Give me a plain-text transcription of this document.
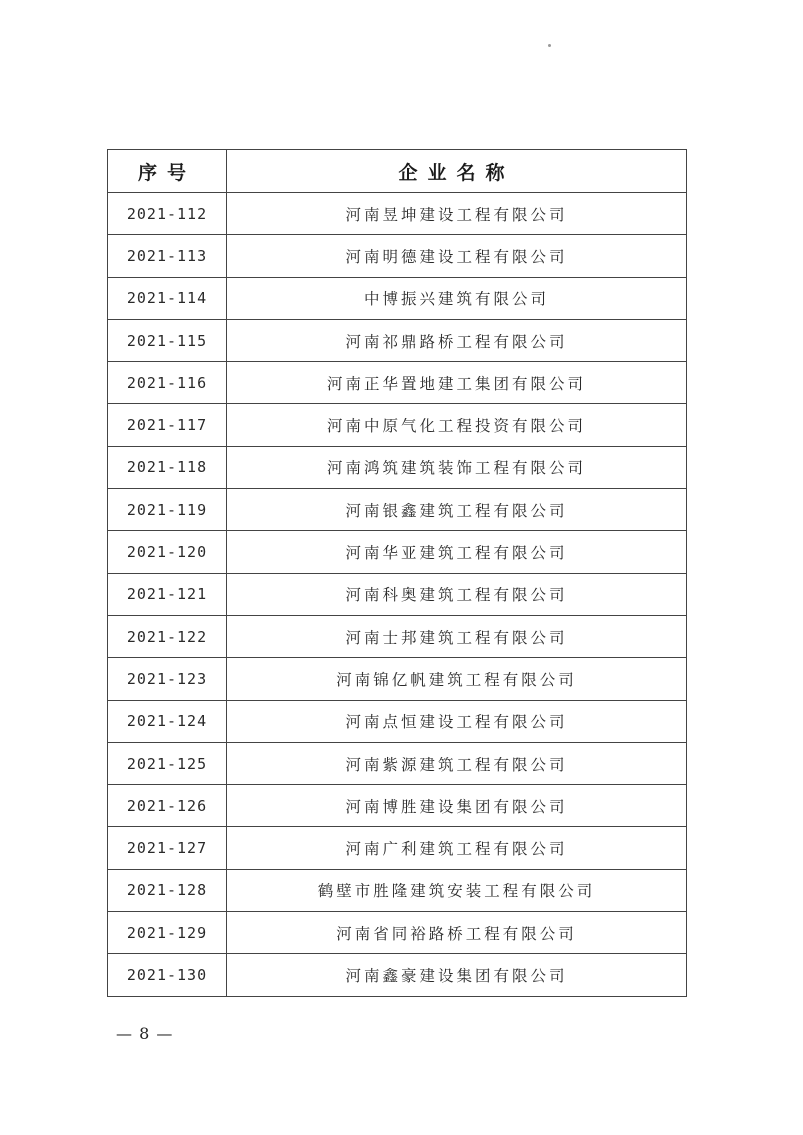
序号	企业名称
2021-112	河南昱坤建设工程有限公司
2021-113	河南明德建设工程有限公司
2021-114	中博振兴建筑有限公司
2021-115	河南祁鼎路桥工程有限公司
2021-116	河南正华置地建工集团有限公司
2021-117	河南中原气化工程投资有限公司
2021-118	河南鸿筑建筑装饰工程有限公司
2021-119	河南银鑫建筑工程有限公司
2021-120	河南华亚建筑工程有限公司
2021-121	河南科奥建筑工程有限公司
2021-122	河南士邦建筑工程有限公司
2021-123	河南锦亿帆建筑工程有限公司
2021-124	河南点恒建设工程有限公司
2021-125	河南紫源建筑工程有限公司
2021-126	河南博胜建设集团有限公司
2021-127	河南广利建筑工程有限公司
2021-128	鹤壁市胜隆建筑安装工程有限公司
2021-129	河南省同裕路桥工程有限公司
2021-130	河南鑫豪建设集团有限公司
— 8 —
